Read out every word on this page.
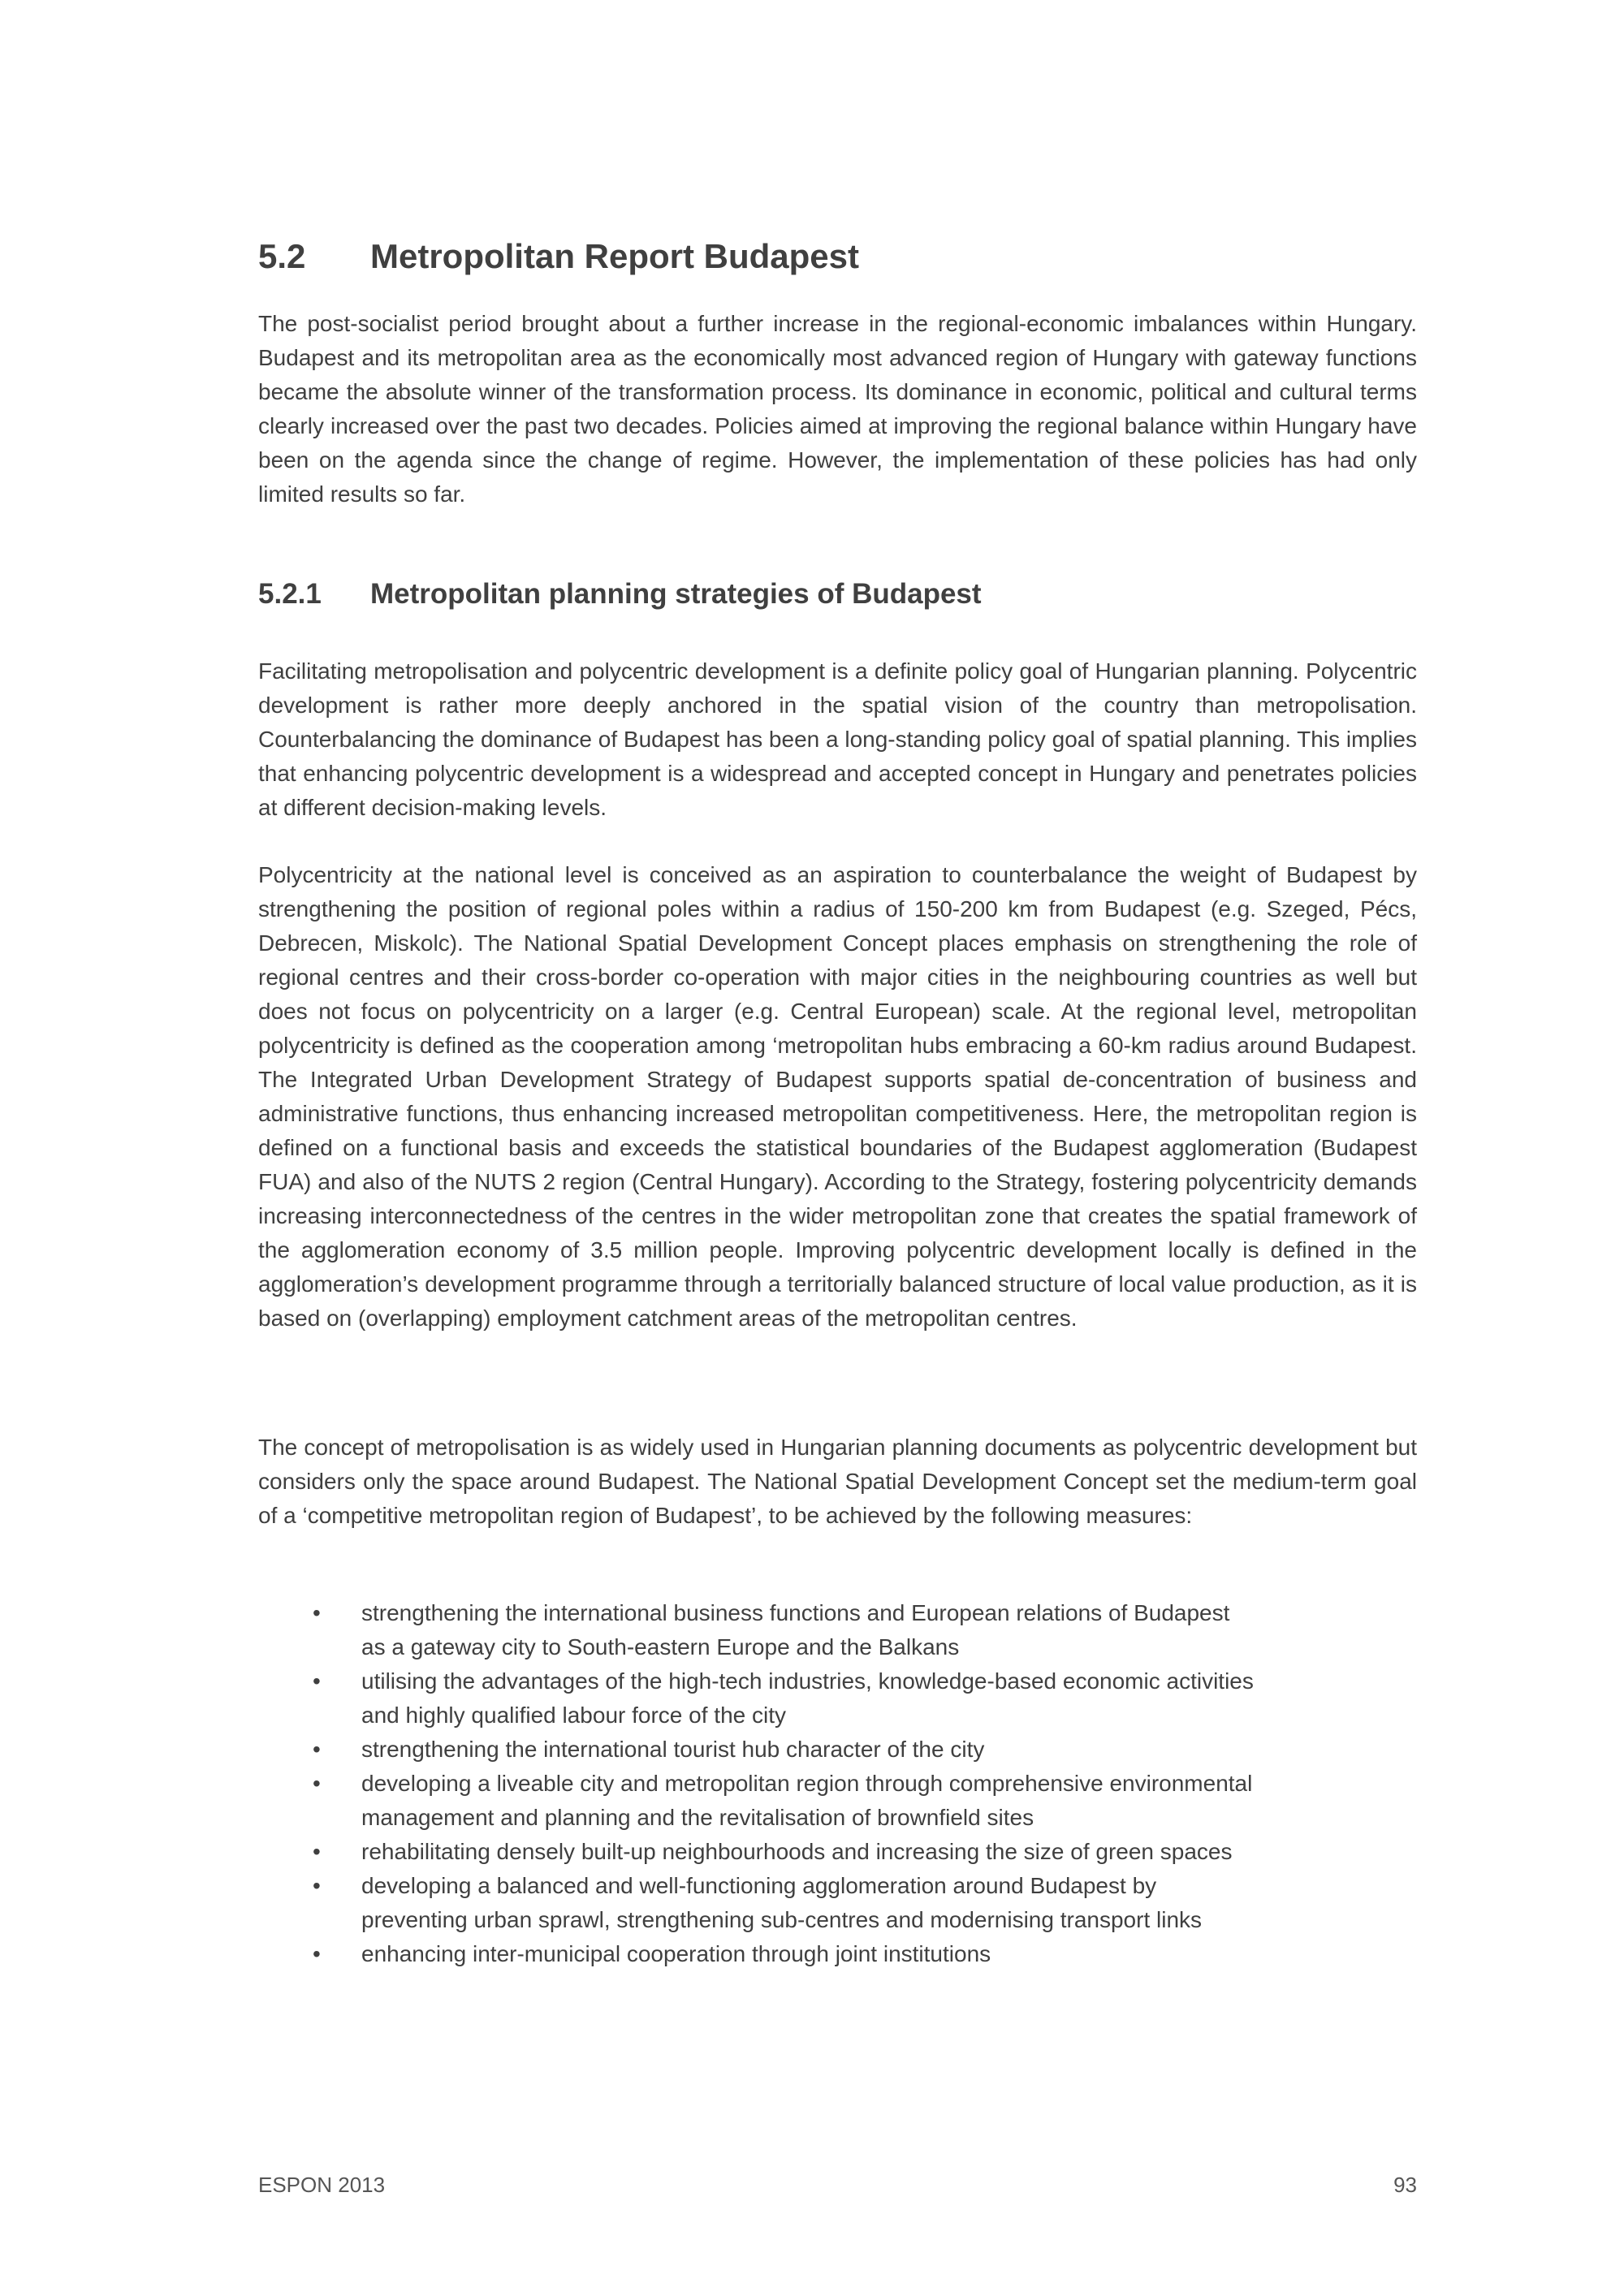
5.2 Metropolitan Report Budapest

The post-socialist period brought about a further increase in the regional-economic imbalances within Hungary. Budapest and its metropolitan area as the economically most advanced region of Hungary with gateway functions became the absolute winner of the transformation process. Its dominance in economic, political and cultural terms clearly increased over the past two decades. Policies aimed at improving the regional balance within Hungary have been on the agenda since the change of regime. However, the implementation of these policies has had only limited results so far.

5.2.1 Metropolitan planning strategies of Budapest

Facilitating metropolisation and polycentric development is a definite policy goal of Hungarian planning. Polycentric development is rather more deeply anchored in the spatial vision of the country than metropolisation. Counterbalancing the dominance of Budapest has been a long-standing policy goal of spatial planning. This implies that enhancing polycentric development is a widespread and accepted concept in Hungary and penetrates policies at different decision-making levels.

Polycentricity at the national level is conceived as an aspiration to counterbalance the weight of Budapest by strengthening the position of regional poles within a radius of 150-200 km from Budapest (e.g. Szeged, Pécs, Debrecen, Miskolc). The National Spatial Development Concept places emphasis on strengthening the role of regional centres and their cross-border co-operation with major cities in the neighbouring countries as well but does not focus on polycentricity on a larger (e.g. Central European) scale. At the regional level, metropolitan polycentricity is defined as the cooperation among ‘metropolitan hubs embracing a 60-km radius around Budapest. The Integrated Urban Development Strategy of Budapest supports spatial de-concentration of business and administrative functions, thus enhancing increased metropolitan competitiveness. Here, the metropolitan region is defined on a functional basis and exceeds the statistical boundaries of the Budapest agglomeration (Budapest FUA) and also of the NUTS 2 region (Central Hungary). According to the Strategy, fostering polycentricity demands increasing interconnectedness of the centres in the wider metropolitan zone that creates the spatial framework of the agglomeration economy of 3.5 million people. Improving polycentric development locally is defined in the agglomeration’s development programme through a territorially balanced structure of local value production, as it is based on (overlapping) employment catchment areas of the metropolitan centres.

The concept of metropolisation is as widely used in Hungarian planning documents as polycentric development but considers only the space around Budapest. The National Spatial Development Concept set the medium-term goal of a ‘competitive metropolitan region of Budapest’, to be achieved by the following measures:

• strengthening the international business functions and European relations of Budapest
as a gateway city to South-eastern Europe and the Balkans
• utilising the advantages of the high-tech industries, knowledge-based economic activities
and highly qualified labour force of the city
• strengthening the international tourist hub character of the city
• developing a liveable city and metropolitan region through comprehensive environmental
management and planning and the revitalisation of brownfield sites
• rehabilitating densely built-up neighbourhoods and increasing the size of green spaces
• developing a balanced and well-functioning agglomeration around Budapest by
preventing urban sprawl, strengthening sub-centres and modernising transport links
• enhancing inter-municipal cooperation through joint institutions
ESPON 2013	93
